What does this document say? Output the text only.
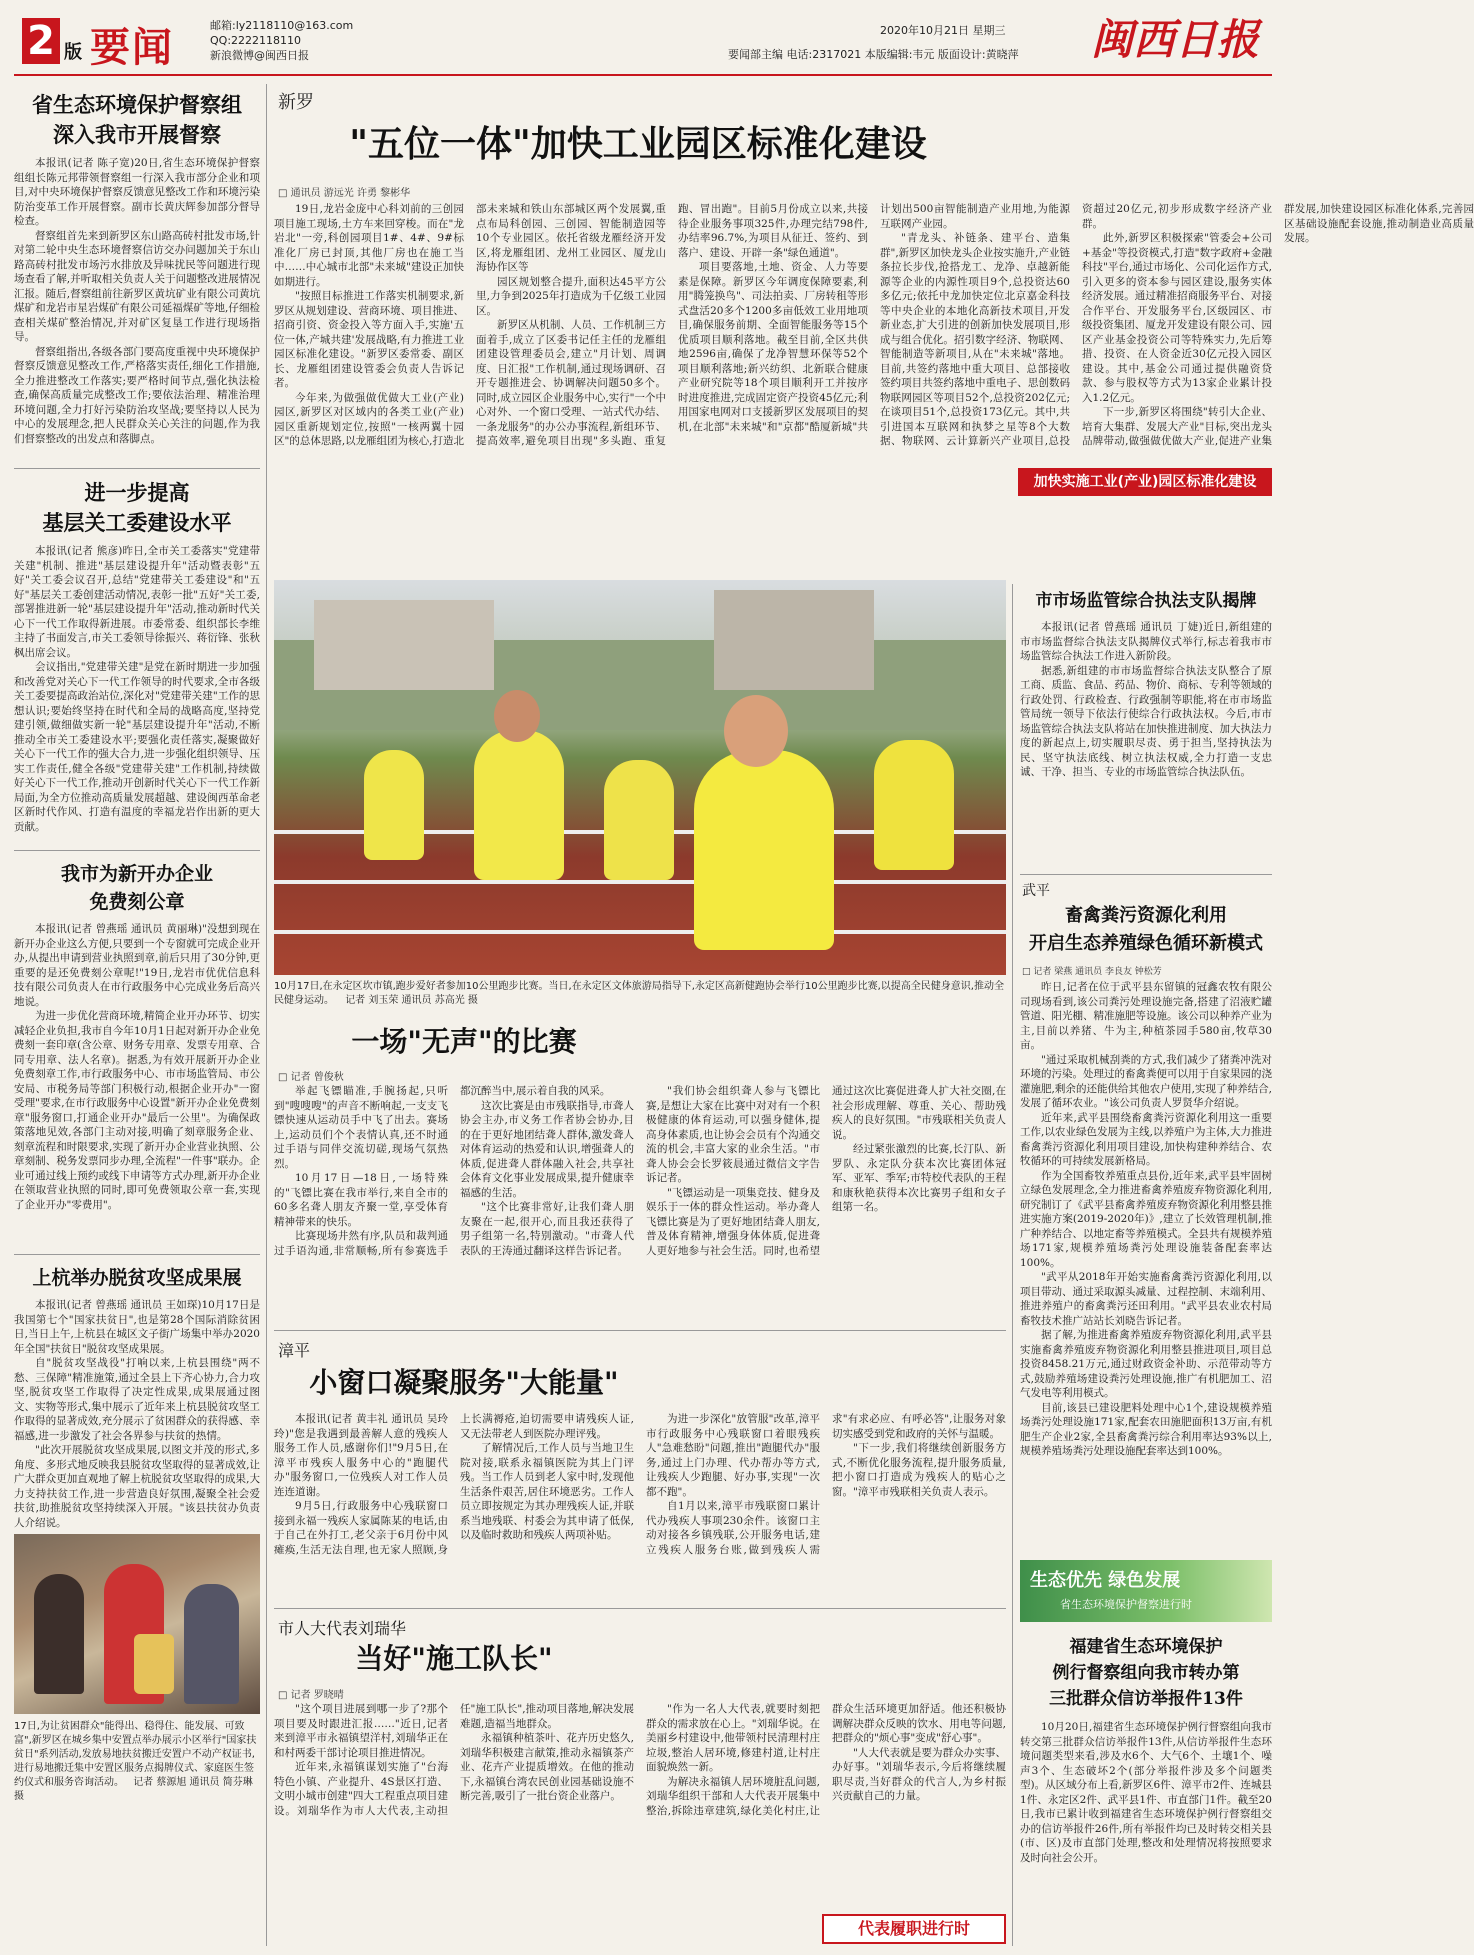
2 版 要闻	邮箱:ly2118110@163.com
QQ:2222118110
新浪微博@闽西日报
2020年10月21日 星期三
要闻部主编 电话:2317021 本版编辑:韦元 版面设计:黄晓萍	闽西日报
省生态环境保护督察组
深入我市开展督察

本报讯(记者 陈子宽)20日,省生态环境保护督察组组长陈元邦带领督察组一行深入我市部分企业和项目,对中央环境保护督察反馈意见整改工作和环境污染防治变革工作开展督察。副市长黄庆辉参加部分督导检查。

督察组首先来到新罗区东山路高砖村批发市场,针对第二轮中央生态环境督察信访交办问题加关于东山路高砖村批发市场污水排放及异味扰民等问题进行现场查看了解,并听取相关负责人关于问题整改进展情况汇报。随后,督察组前往新罗区黄坑矿业有限公司黄坑煤矿和龙岩市星岩煤矿有限公司延福煤矿等地,仔细检查相关煤矿整治情况,并对矿区复垦工作进行现场指导。

督察组指出,各级各部门要高度重视中央环境保护督察反馈意见整改工作,严格落实责任,细化工作措施,全力推进整改工作落实;要严格时间节点,强化执法检查,确保高质量完成整改工作;要依法治理、精准治理环境问题,全力打好污染防治攻坚战;要坚持以人民为中心的发展理念,把人民群众关心关注的问题,作为我们督察整改的出发点和落脚点。

进一步提高
基层关工委建设水平

本报讯(记者 熊彦)昨日,全市关工委落实"党建带关建"机制、推进"基层建设提升年"活动暨表彰"五好"关工委会议召开,总结"党建带关工委建设"和"五好"基层关工委创建活动情况,表彰一批"五好"关工委,部署推进新一轮"基层建设提升年"活动,推动新时代关心下一代工作取得新进展。市委常委、组织部长李维主持了书面发言,市关工委领导徐振兴、蒋衍锋、张秋枫出席会议。

会议指出,"党建带关建"是党在新时期进一步加强和改善党对关心下一代工作领导的时代要求,全市各级关工委要提高政治站位,深化对"党建带关建"工作的思想认识;要始终坚持在时代和全局的战略高度,坚持党建引领,做细做实新一轮"基层建设提升年"活动,不断推动全市关工委建设水平;要强化责任落实,凝聚做好关心下一代工作的强大合力,进一步强化组织领导、压实工作责任,健全各级"党建带关建"工作机制,持续做好关心下一代工作,推动开创新时代关心下一代工作新局面,为全方位推动高质量发展超越、建设闽西革命老区新时代作风、打造有温度的幸福龙岩作出新的更大贡献。

我市为新开办企业
免费刻公章

本报讯(记者 曾燕瑶 通讯员 黄丽琳)"没想到现在新开办企业这么方便,只要到一个专窗就可完成企业开办,从提出申请到营业执照到章,前后只用了30分钟,更重要的是还免费刻公章呢!"19日,龙岩市优优信息科技有限公司负责人在市行政服务中心完成业务后高兴地说。

为进一步优化营商环境,精简企业开办环节、切实减轻企业负担,我市自今年10月1日起对新开办企业免费刻一套印章(含公章、财务专用章、发票专用章、合同专用章、法人名章)。据悉,为有效开展新开办企业免费刻章工作,市行政服务中心、市市场监管局、市公安局、市税务局等部门积极行动,根据企业开办"一窗受理"要求,在市行政服务中心设置"新开办企业免费刻章"服务窗口,打通企业开办"最后一公里"。为确保政策落地见效,各部门主动对接,明确了刻章服务企业、刻章流程和时限要求,实现了新开办企业营业执照、公章刻制、税务发票同步办理,全流程"一件事"联办。企业可通过线上预约或线下申请等方式办理,新开办企业在领取营业执照的同时,即可免费领取公章一套,实现了企业开办"零费用"。

上杭举办脱贫攻坚成果展

本报讯(记者 曾燕瑶 通讯员 王如琛)10月17日是我国第七个"国家扶贫日",也是第28个国际消除贫困日,当日上午,上杭县在城区文子街广场集中举办2020年全国"扶贫日"脱贫攻坚成果展。

自"脱贫攻坚战役"打响以来,上杭县围绕"两不愁、三保障"精准施策,通过全县上下齐心协力,合力攻坚,脱贫攻坚工作取得了决定性成果,成果展通过图文、实物等形式,集中展示了近年来上杭县脱贫攻坚工作取得的显著成效,充分展示了贫困群众的获得感、幸福感,进一步激发了社会各界参与扶贫的热情。

"此次开展脱贫攻坚成果展,以图文并茂的形式,多角度、多形式地反映我县脱贫攻坚取得的显著成效,让广大群众更加直观地了解上杭脱贫攻坚取得的成果,大力支持扶贫工作,进一步营造良好氛围,凝聚全社会爱扶贫,助推脱贫攻坚持续深入开展。"该县扶贫办负责人介绍说。

17日,为让贫困群众"能得出、稳得住、能发展、可致富",新罗区在城乡集中安置点举办展示小区举行"国家扶贫日"系列活动,发放易地扶贫搬迁安置户不动产权证书,进行易地搬迁集中安置区服务点揭牌仪式、家庭医生签约仪式和服务咨询活动。 记者 蔡源旭 通讯员 简芬琳 摄
新罗
"五位一体"加快工业园区标准化建设
□ 通讯员 游远光 许勇 黎彬华

19日,龙岩金庞中心科刘前的三创园项目施工现场,土方车来回穿梭。而在"龙岩北"一旁,科创园项目1#、4#、9#标准化厂房已封顶,其他厂房也在施工当中……中心城市北部"未来城"建设正加快如期进行。

"按照目标推进工作落实机制要求,新罗区从规划建设、营商环境、项目推进、招商引资、资金投入等方面入手,实施'五位一体,产城共建'发展战略,有力推进工业园区标准化建设。"新罗区委常委、副区长、龙雁组团建设管委会负责人告诉记者。

今年来,为做强做优做大工业(产业)园区,新罗区对区域内的各类工业(产业)园区重新规划定位,按照"一核两翼十园区"的总体思路,以龙雁组团为核心,打造北部未来城和铁山东部城区两个发展翼,重点布局科创园、三创园、智能制造园等10个专业园区。依托省级龙雁经济开发区,将龙雁组团、龙州工业园区、厦龙山海协作区等

园区规划整合提升,面积达45平方公里,力争到2025年打造成为千亿级工业园区。

新罗区从机制、人员、工作机制三方面着手,成立了区委书记任主任的龙雁组团建设管理委员会,建立"月计划、周调度、日汇报"工作机制,通过现场调研、召开专题推进会、协调解决问题50多个。同时,成立园区企业服务中心,实行"一个中心对外、一个窗口受理、一站式代办结、一条龙服务"的办公办事流程,新组环节、提高效率,避免项目出现"多头跑、重复跑、冒出跑"。目前5月份成立以来,共接待企业服务事项325件,办理完结798件,办结率96.7%,为项目从征迁、签约、到落户、建设、开辟一条"绿色通道"。

项目要落地,土地、资金、人力等要素是保障。新罗区今年调度保障要素,利用"腾笼换鸟"、司法拍卖、厂房转租等形式盘活20多个1200多亩低效工业用地项目,确保服务前期、全面智能服务等15个优质项目顺利落地。截至目前,全区共供地2596亩,确保了龙净智慧环保等52个项目顺利落地;新兴纺织、北新联合健康产业研究院等18个项目顺利开工并按序时进度推进,完成固定资产投资45亿元;利用国家电网对口支援新罗区发展项目的契机,在北部"未来城"和"京都"酷厦新城"共计划出500亩智能制造产业用地,为能源互联网产业园。

"青龙头、补链条、建平台、造集群",新罗区加快龙头企业按实施升,产业链条拉长步伐,抢搭龙工、龙净、卓越新能源等企业的内源性项目9个,总投资达60多亿元;依托中龙加快定位北京嘉金科技等中央企业的本地化高新技术项目,开发新业态,扩大引进的创新加快发展项目,形成与组合优化。招引数字经济、物联网、智能制造等新项目,从在"未来城"落地。目前,共签约落地中重大项目、总部接收签约项目共签约落地中重电子、思创数码物联网园区等项目52个,总投资202亿元;在谈项目51个,总投资173亿元。其中,共引进国本互联网和执梦之星等8个大数据、物联网、云计算新兴产业项目,总投资超过20亿元,初步形成数字经济产业群。

此外,新罗区积极探索"管委会+公司+基金"等投资模式,打造"数字政府+金融科技"平台,通过市场化、公司化运作方式,引入更多的资本参与园区建设,服务实体经济发展。通过精准招商服务平台、对接合作平台、开发服务平台,区级园区、市级投资集团、厦龙开发建设有限公司、园区产业基金投资公司等特殊实力,先后筹措、投资、在人资金近30亿元投入园区建设。其中,基金公司通过提供融资贷款、参与股权等方式为13家企业累计投入1.2亿元。

下一步,新罗区将围绕"转引大企业、培育大集群、发展大产业"目标,突出龙头品牌带动,做强做优做大产业,促进产业集群发展,加快建设园区标准化体系,完善园区基础设施配套设施,推动制造业高质量发展。

加快实施工业(产业)园区标准化建设
10月17日,在永定区坎市镇,跑步爱好者参加10公里跑步比赛。当日,在永定区文体旅游局指导下,永定区高新健跑协会举行10公里跑步比赛,以提高全民健身意识,推动全民健身运动。 记者 刘玉荣 通讯员 苏高光 摄
一场"无声"的比赛
□ 记者 曾俊秋

举起飞镖瞄准,手腕扬起,只听到"嗖嗖嗖"的声音不断响起,一支支飞镖快速从运动员手中飞了出去。赛场上,运动员们个个表情认真,还不时通过手语与同伴交流切磋,现场气氛热烈。

10月17日—18日,一场特殊的"飞镖比赛在我市举行,来自全市的60多名聋人朋友齐聚一堂,享受体育精神带来的快乐。

比赛现场井然有序,队员和裁判通过手语沟通,非常顺畅,所有参赛选手都沉醉当中,展示着自我的风采。

这次比赛是由市残联指导,市聋人协会主办,市义务工作者协会协办,目的在于更好地团结聋人群体,激发聋人对体育运动的热爱和认识,增强聋人的体质,促进聋人群体融入社会,共享社会体育文化事业发展成果,提升健康幸福感的生活。

"这个比赛非常好,让我们聋人朋友聚在一起,很开心,而且我还获得了男子组第一名,特别激动。"市聋人代表队的王涛通过翻译这样告诉记者。

"我们协会组织聋人参与飞镖比赛,是想让大家在比赛中对对有一个积极健康的体育运动,可以强身健体,提高身体素质,也让协会会员有个沟通交流的机会,丰富大家的业余生活。"市聋人协会会长罗筱晨通过微信文字告诉记者。

"飞镖运动是一项集竞技、健身及娱乐于一体的群众性运动。举办聋人飞镖比赛是为了更好地团结聋人朋友,普及体育精神,增强身体体质,促进聋人更好地参与社会生活。同时,也希望通过这次比赛促进聋人扩大社交圈,在社会形成理解、尊重、关心、帮助残疾人的良好氛围。"市残联相关负责人说。

经过紧张激烈的比赛,长汀队、新罗队、永定队分获本次比赛团体冠军、亚军、季军;市特校代表队的王程和康秋艳获得本次比赛男子组和女子组第一名。

漳平
小窗口凝聚服务"大能量"

本报讯(记者 黄丰礼 通讯员 吴玲玲)"您是我遇到最善解人意的残疾人服务工作人员,感谢你们!"9月5日,在漳平市残疾人服务中心的"跑腿代办"服务窗口,一位残疾人对工作人员连连道谢。

9月5日,行政服务中心残联窗口接到永福一残疾人家属陈某的电话,由于自己在外打工,老父亲于6月份中风瘫痪,生活无法自理,也无家人照顾,身上长满褥疮,迫切需要申请残疾人证,又无法带老人到医院办理评残。

了解情况后,工作人员与当地卫生院对接,联系永福镇医院为其上门评残。当工作人员到老人家中时,发现他生活条件艰苦,居住环境恶劣。工作人员立即按规定为其办理残疾人证,并联系当地残联、村委会为其申请了低保,以及临时救助和残疾人两项补贴。

为进一步深化"放管服"改革,漳平市行政服务中心残联窗口着眼残疾人"急难愁盼"问题,推出"跑腿代办"服务,通过上门办理、代办帮办等方式,让残疾人少跑腿、好办事,实现"一次都不跑"。

自1月以来,漳平市残联窗口累计代办残疾人事项230余件。该窗口主动对接各乡镇残联,公开服务电话,建立残疾人服务台账,做到残疾人需求"有求必应、有呼必答",让服务对象切实感受到党和政府的关怀与温暖。

"下一步,我们将继续创新服务方式,不断优化服务流程,提升服务质量,把小窗口打造成为残疾人的贴心之窗。"漳平市残联相关负责人表示。

市人大代表刘瑞华
当好"施工队长"
□ 记者 罗晓晴

"这个项目进展到哪一步了?那个项目要及时跟进汇报……"近日,记者来到漳平市永福镇望洋村,刘瑞华正在和村两委干部讨论项目推进情况。

近年来,永福镇谋划实施了"台海特色小镇、产业提升、4S景区打造、文明小城市创建"四大工程重点项目建设。刘瑞华作为市人大代表,主动担任"施工队长",推动项目落地,解决发展难题,造福当地群众。

永福镇种植茶叶、花卉历史悠久,刘瑞华积极建言献策,推动永福镇茶产业、花卉产业提质增效。在他的推动下,永福镇台湾农民创业园基础设施不断完善,吸引了一批台资企业落户。

"作为一名人大代表,就要时刻把群众的需求放在心上。"刘瑞华说。在美丽乡村建设中,他带领村民清理村庄垃圾,整治人居环境,修建村道,让村庄面貌焕然一新。

为解决永福镇人居环境脏乱问题,刘瑞华组织干部和人大代表开展集中整治,拆除违章建筑,绿化美化村庄,让群众生活环境更加舒适。他还积极协调解决群众反映的饮水、用电等问题,把群众的"烦心事"变成"舒心事"。

"人大代表就是要为群众办实事、办好事。"刘瑞华表示,今后将继续履职尽责,当好群众的代言人,为乡村振兴贡献自己的力量。

代表履职进行时
市市场监管综合执法支队揭牌

本报讯(记者 曾燕瑶 通讯员 丁婕)近日,新组建的市市场监督综合执法支队揭牌仪式举行,标志着我市市场监管综合执法工作进入新阶段。

据悉,新组建的市市场监督综合执法支队整合了原工商、质监、食品、药品、物价、商标、专利等领域的行政处罚、行政检查、行政强制等职能,将在市市场监管局统一领导下依法行使综合行政执法权。今后,市市场监管综合执法支队将站在加快推进制度、加大执法力度的新起点上,切实履职尽责、勇于担当,坚持执法为民、坚守执法底线、树立执法权威,全力打造一支忠诚、干净、担当、专业的市场监管综合执法队伍。

武平
畜禽粪污资源化利用
开启生态养殖绿色循环新模式
□ 记者 梁燕 通讯员 李良友 钟松芳

昨日,记者在位于武平县东留镇的冠鑫农牧有限公司现场看到,该公司粪污处理设施完备,搭建了沼液贮罐管道、阳光棚、精准施肥等设施。该公司以种养产业为主,目前以养猪、牛为主,种植茶园手580亩,牧草30亩。

"通过采取机械刮粪的方式,我们减少了猪粪冲洗对环境的污染。处理过的畜禽粪便可以用于自家果园的浇灌施肥,剩余的还能供给其他农户使用,实现了种养结合,发展了循环农业。"该公司负责人罗贤华介绍说。

近年来,武平县围绕畜禽粪污资源化利用这一重要工作,以农业绿色发展为主线,以养殖户为主体,大力推进畜禽粪污资源化利用项目建设,加快构建种养结合、农牧循环的可持续发展新格局。

作为全国畜牧养殖重点县份,近年来,武平县牢固树立绿色发展理念,全力推进畜禽养殖废弃物资源化利用,研究制订了《武平县畜禽养殖废弃物资源化利用整县推进实施方案(2019-2020年)》,建立了长效管理机制,推广种养结合、以地定畜等养殖模式。全县共有规模养殖场171家,规模养殖场粪污处理设施装备配套率达100%。

"武平从2018年开始实施畜禽粪污资源化利用,以项目带动、通过采取源头减量、过程控制、末端利用、推进养殖户的畜禽粪污还田利用。"武平县农业农村局畜牧技术推广站站长刘晓告诉记者。

据了解,为推进畜禽养殖废弃物资源化利用,武平县实施畜禽养殖废弃物资源化利用整县推进项目,项目总投资8458.21万元,通过财政资金补助、示范带动等方式,鼓励养殖场建设粪污处理设施,推广有机肥加工、沼气发电等利用模式。

目前,该县已建设肥料处理中心1个,建设规模养殖场粪污处理设施171家,配套农田施肥面积13万亩,有机肥生产企业2家,全县畜禽粪污综合利用率达93%以上,规模养殖场粪污处理设施配套率达到100%。

生态优先 绿色发展
省生态环境保护督察进行时
福建省生态环境保护
例行督察组向我市转办第
三批群众信访举报件13件

10月20日,福建省生态环境保护例行督察组向我市转交第三批群众信访举报件13件,从信访举报件生态环境问题类型来看,涉及水6个、大气6个、土壤1个、噪声3个、生态破坏2个(部分举报件涉及多个问题类型)。从区域分布上看,新罗区6件、漳平市2件、连城县1件、永定区2件、武平县1件、市直部门1件。截至20日,我市已累计收到福建省生态环境保护例行督察组交办的信访举报件26件,所有举报件均已及时转交相关县(市、区)及市直部门处理,整改和处理情况将按照要求及时向社会公开。
